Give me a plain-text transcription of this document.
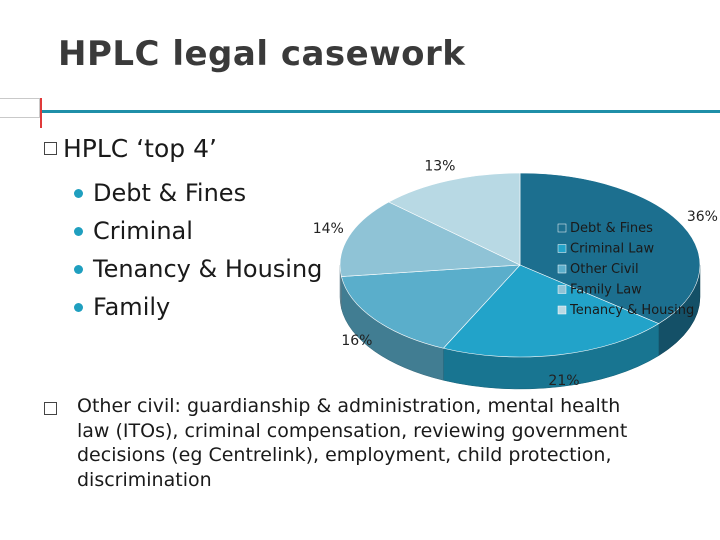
HPLC legal casework
HPLC ‘top 4’
Debt & Fines
Criminal
Tenancy & Housing
Family
36%
21%
16%
14%
13%
Debt & Fines
Criminal Law
Other Civil
Family Law
Tenancy & Housing
Other civil: guardianship & administration, mental health law (ITOs), criminal compensation, reviewing government decisions (eg Centrelink), employment, child protection, discrimination
